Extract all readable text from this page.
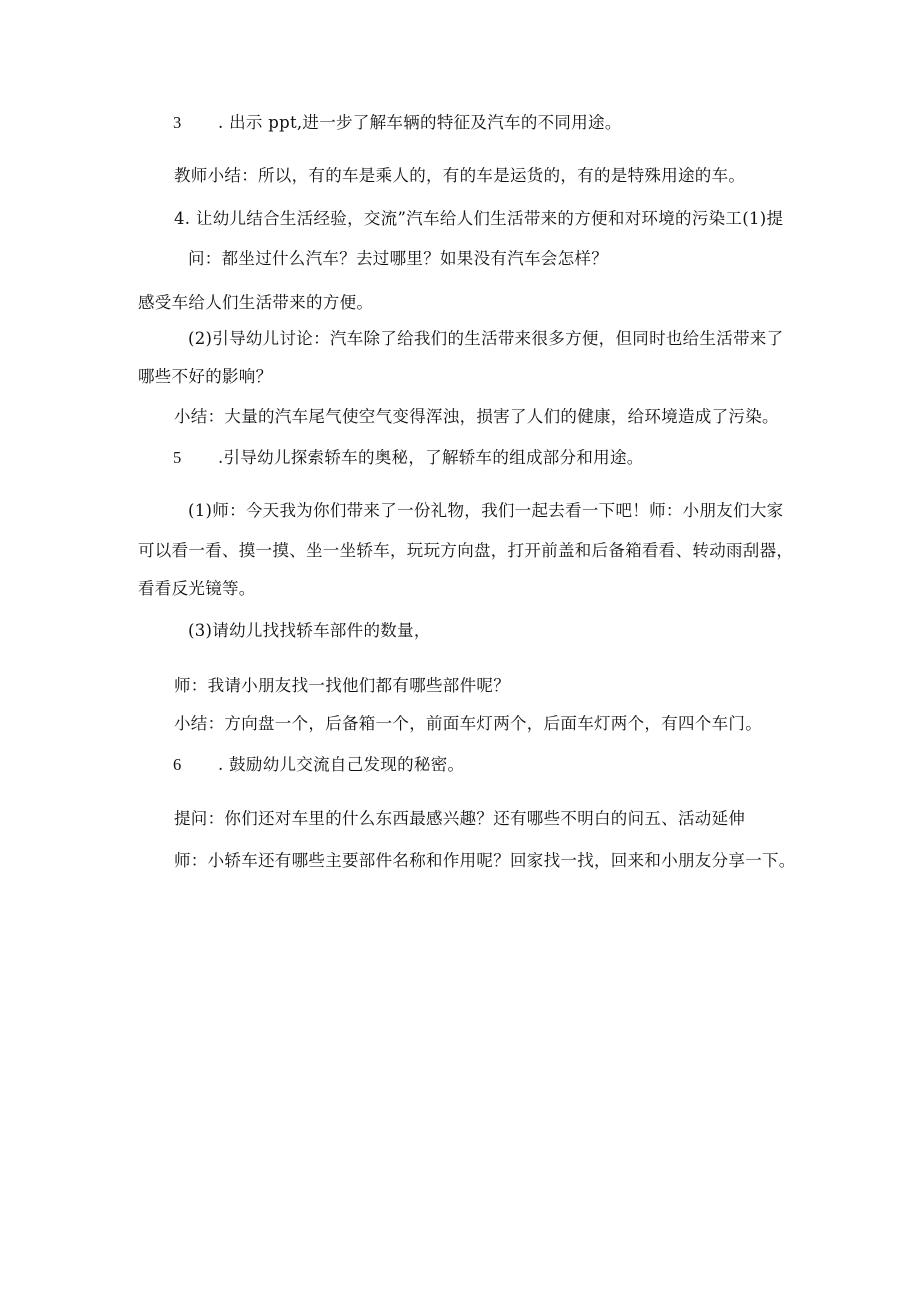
3 . 出示 ppt,进一步了解车辆的特征及汽车的不同用途。
教师小结：所以，有的车是乘人的，有的车是运货的，有的是特殊用途的车。
4. 让幼儿结合生活经验，交流”汽车给人们生活带来的方便和对环境的污染工(1)提
问：都坐过什么汽车？去过哪里？如果没有汽车会怎样？
感受车给人们生活带来的方便。
(2)引导幼儿讨论：汽车除了给我们的生活带来很多方便，但同时也给生活带来了
哪些不好的影响？
小结：大量的汽车尾气使空气变得浑浊，损害了人们的健康，给环境造成了污染。
5 .引导幼儿探索轿车的奥秘，了解轿车的组成部分和用途。
(1)师：今天我为你们带来了一份礼物，我们一起去看一下吧！师：小朋友们大家
可以看一看、摸一摸、坐一坐轿车，玩玩方向盘，打开前盖和后备箱看看、转动雨刮器，
看看反光镜等。
(3)请幼儿找找轿车部件的数量，
师：我请小朋友找一找他们都有哪些部件呢？
小结：方向盘一个，后备箱一个，前面车灯两个，后面车灯两个，有四个车门。
6 . 鼓励幼儿交流自己发现的秘密。
提问：你们还对车里的什么东西最感兴趣？还有哪些不明白的问五、活动延伸
师：小轿车还有哪些主要部件名称和作用呢？回家找一找，回来和小朋友分享一下。
